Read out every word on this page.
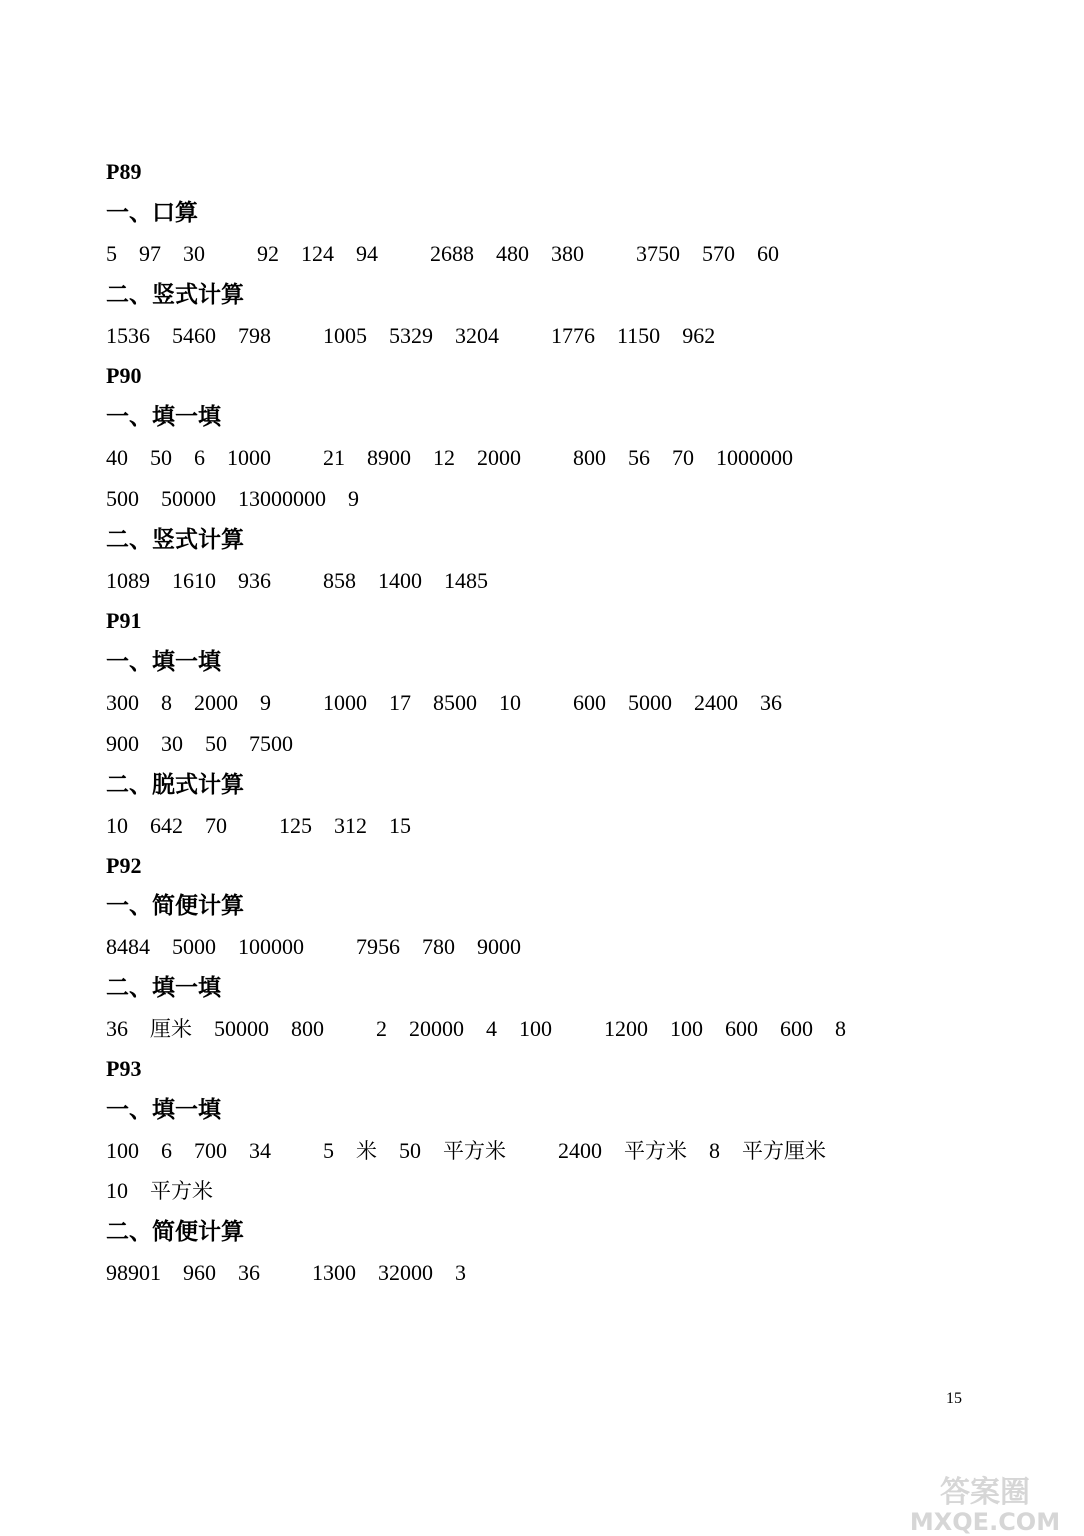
P89
一、口算
5 97 30 92 124 94 2688 480 380 3750 570 60
二、竖式计算
1536 5460 798 1005 5329 3204 1776 1150 962
P90
一、填一填
40 50 6 1000 21 8900 12 2000 800 56 70 1000000
500 50000 13000000 9
二、竖式计算
1089 1610 936 858 1400 1485
P91
一、填一填
300 8 2000 9 1000 17 8500 10 600 5000 2400 36
900 30 50 7500
二、脱式计算
10 642 70 125 312 15
P92
一、简便计算
8484 5000 100000 7956 780 9000
二、填一填
36 厘米 50000 800 2 20000 4 100 1200 100 600 600 8
P93
一、填一填
100 6 700 34 5 米 50 平方米 2400 平方米 8 平方厘米
10 平方米
二、简便计算
98901 960 36 1300 32000 3
15
答案圈
MXQE.COM
